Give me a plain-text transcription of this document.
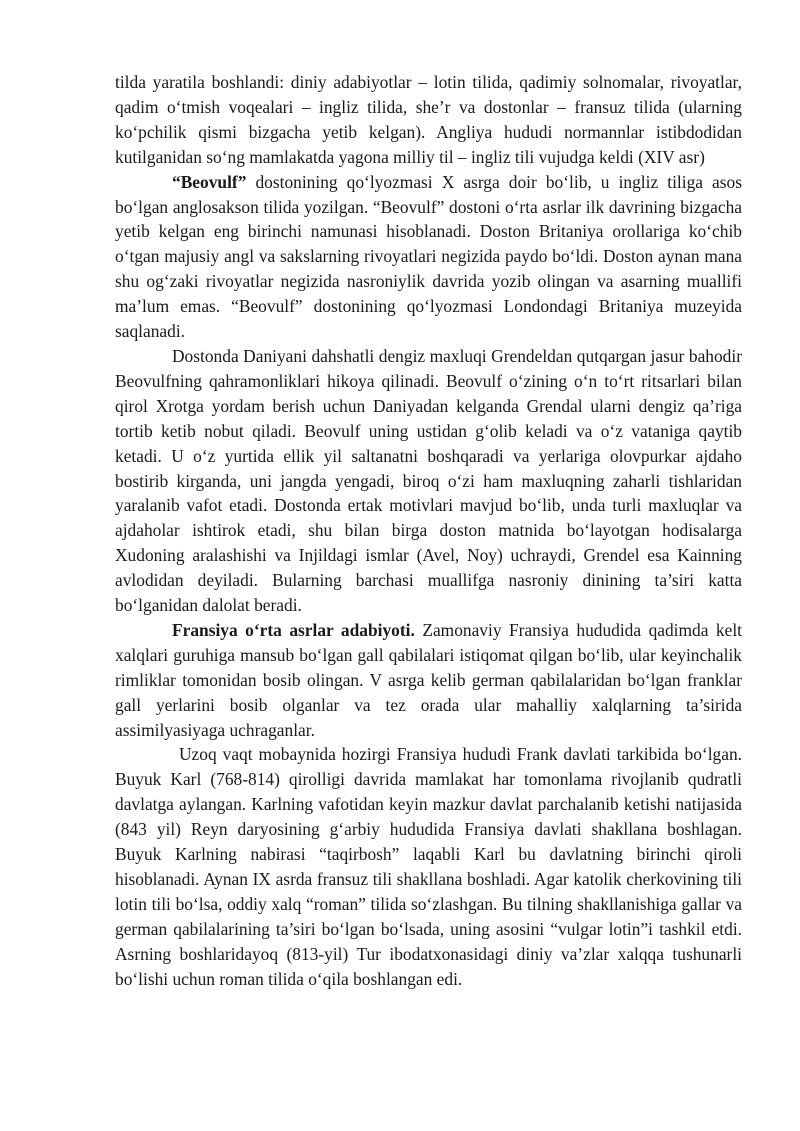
tilda yaratila boshlandi: diniy adabiyotlar – lotin tilida, qadimiy solnomalar, rivoyatlar, qadim o‘tmish voqealari – ingliz tilida, she’r va dostonlar – fransuz tilida (ularning ko‘pchilik qismi bizgacha yetib kelgan). Angliya hududi normannlar istibdodidan kutilganidan so‘ng mamlakatda yagona milliy til – ingliz tili vujudga keldi (XIV asr)

“Beovulf” dostonining qo‘lyozmasi X asrga doir bo‘lib, u ingliz tiliga asos bo‘lgan anglosakson tilida yozilgan. “Beovulf” dostoni o‘rta asrlar ilk davrining bizgacha yetib kelgan eng birinchi namunasi hisoblanadi. Doston Britaniya orollariga ko‘chib o‘tgan majusiy angl va sakslarning rivoyatlari negizida paydo bo‘ldi. Doston aynan mana shu og‘zaki rivoyatlar negizida nasroniylik davrida yozib olingan va asarning muallifi ma’lum emas. “Beovulf” dostonining qo‘lyozmasi Londondagi Britaniya muzeyida saqlanadi.

Dostonda Daniyani dahshatli dengiz maxluqi Grendeldan qutqargan jasur bahodir Beovulfning qahramonliklari hikoya qilinadi. Beovulf o‘zining o‘n to‘rt ritsarlari bilan qirol Xrotga yordam berish uchun Daniyadan kelganda Grendal ularni dengiz qa’riga tortib ketib nobut qiladi. Beovulf uning ustidan g‘olib keladi va o‘z vataniga qaytib ketadi. U o‘z yurtida ellik yil saltanatni boshqaradi va yerlariga olovpurkar ajdaho bostirib kirganda, uni jangda yengadi, biroq o‘zi ham maxluqning zaharli tishlaridan yaralanib vafot etadi. Dostonda ertak motivlari mavjud bo‘lib, unda turli maxluqlar va ajdaholar ishtirok etadi, shu bilan birga doston matnida bo‘layotgan hodisalarga Xudoning aralashishi va Injildagi ismlar (Avel, Noy) uchraydi, Grendel esa Kainning avlodidan deyiladi. Bularning barchasi muallifga nasroniy dinining ta’siri katta bo‘lganidan dalolat beradi.

Fransiya o‘rta asrlar adabiyoti. Zamonaviy Fransiya hududida qadimda kelt xalqlari guruhiga mansub bo‘lgan gall qabilalari istiqomat qilgan bo‘lib, ular keyinchalik rimliklar tomonidan bosib olingan. V asrga kelib german qabilalaridan bo‘lgan franklar gall yerlarini bosib olganlar va tez orada ular mahalliy xalqlarning ta’sirida assimilyasiyaga uchraganlar.

Uzoq vaqt mobaynida hozirgi Fransiya hududi Frank davlati tarkibida bo‘lgan. Buyuk Karl (768-814) qirolligi davrida mamlakat har tomonlama rivojlanib qudratli davlatga aylangan. Karlning vafotidan keyin mazkur davlat parchalanib ketishi natijasida (843 yil) Reyn daryosining g‘arbiy hududida Fransiya davlati shakllana boshlagan. Buyuk Karlning nabirasi “taqirbosh” laqabli Karl bu davlatning birinchi qiroli hisoblanadi. Aynan IX asrda fransuz tili shakllana boshladi. Agar katolik cherkovining tili lotin tili bo‘lsa, oddiy xalq “roman” tilida so‘zlashgan. Bu tilning shakllanishiga gallar va german qabilalarining ta’siri bo‘lgan bo‘lsada, uning asosini “vulgar lotin”i tashkil etdi. Asrning boshlaridayoq (813-yil) Tur ibodatxonasidagi diniy va’zlar xalqqa tushunarli bo‘lishi uchun roman tilida o‘qila boshlangan edi.
